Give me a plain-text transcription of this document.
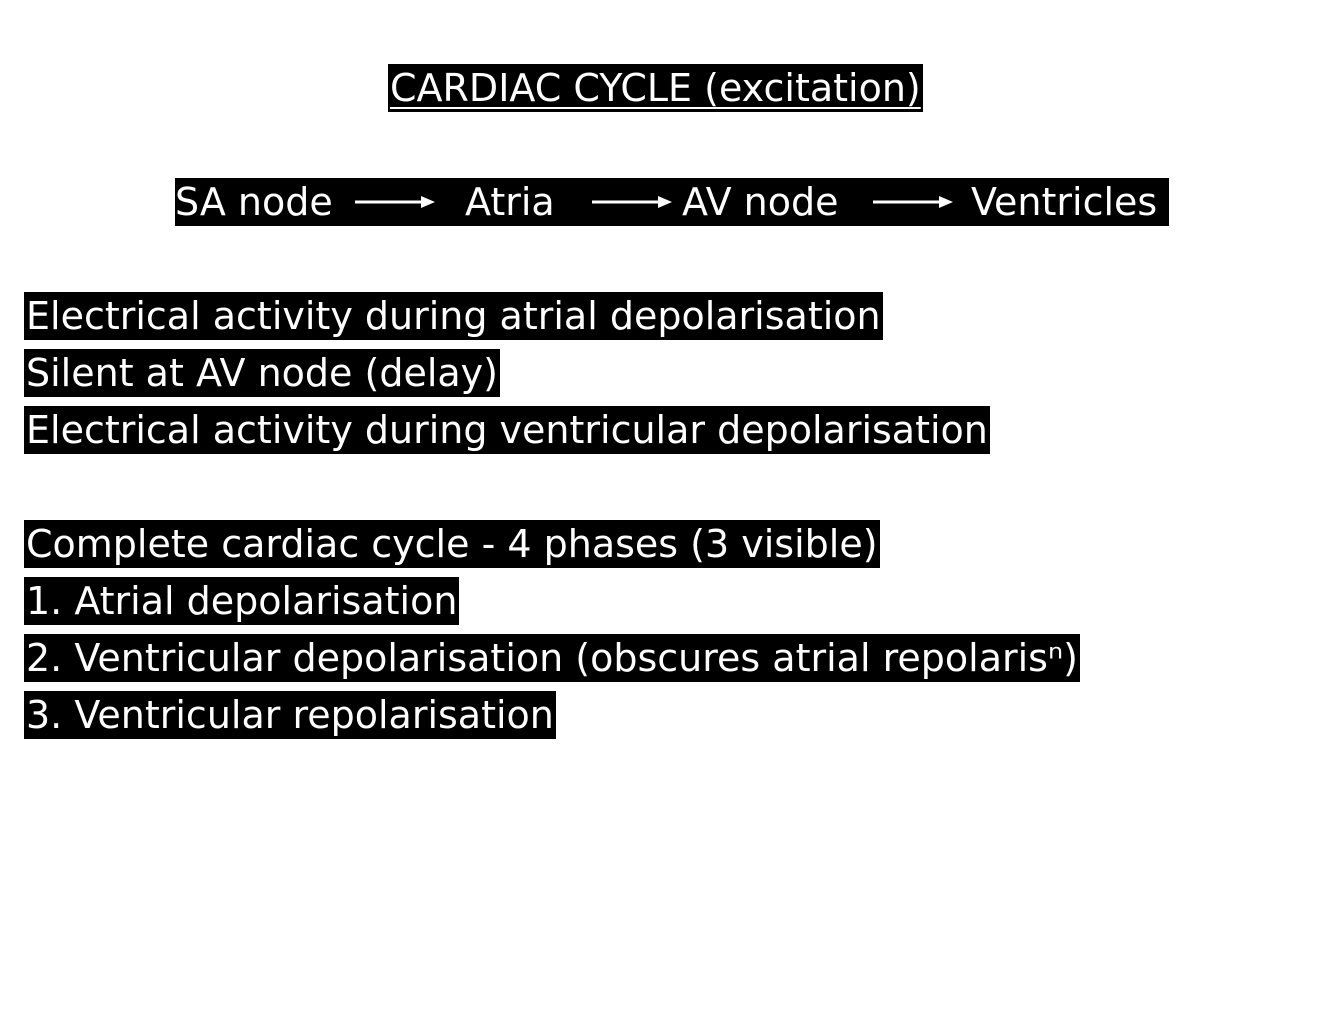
CARDIAC CYCLE (excitation)
SA node	Atria	AV node	Ventricles
Electrical activity during atrial depolarisation
Silent at AV node (delay)
Electrical activity during ventricular depolarisation
Complete cardiac cycle - 4 phases (3 visible)
1. Atrial depolarisation
2. Ventricular depolarisation (obscures atrial repolarisⁿ)
3. Ventricular repolarisation
